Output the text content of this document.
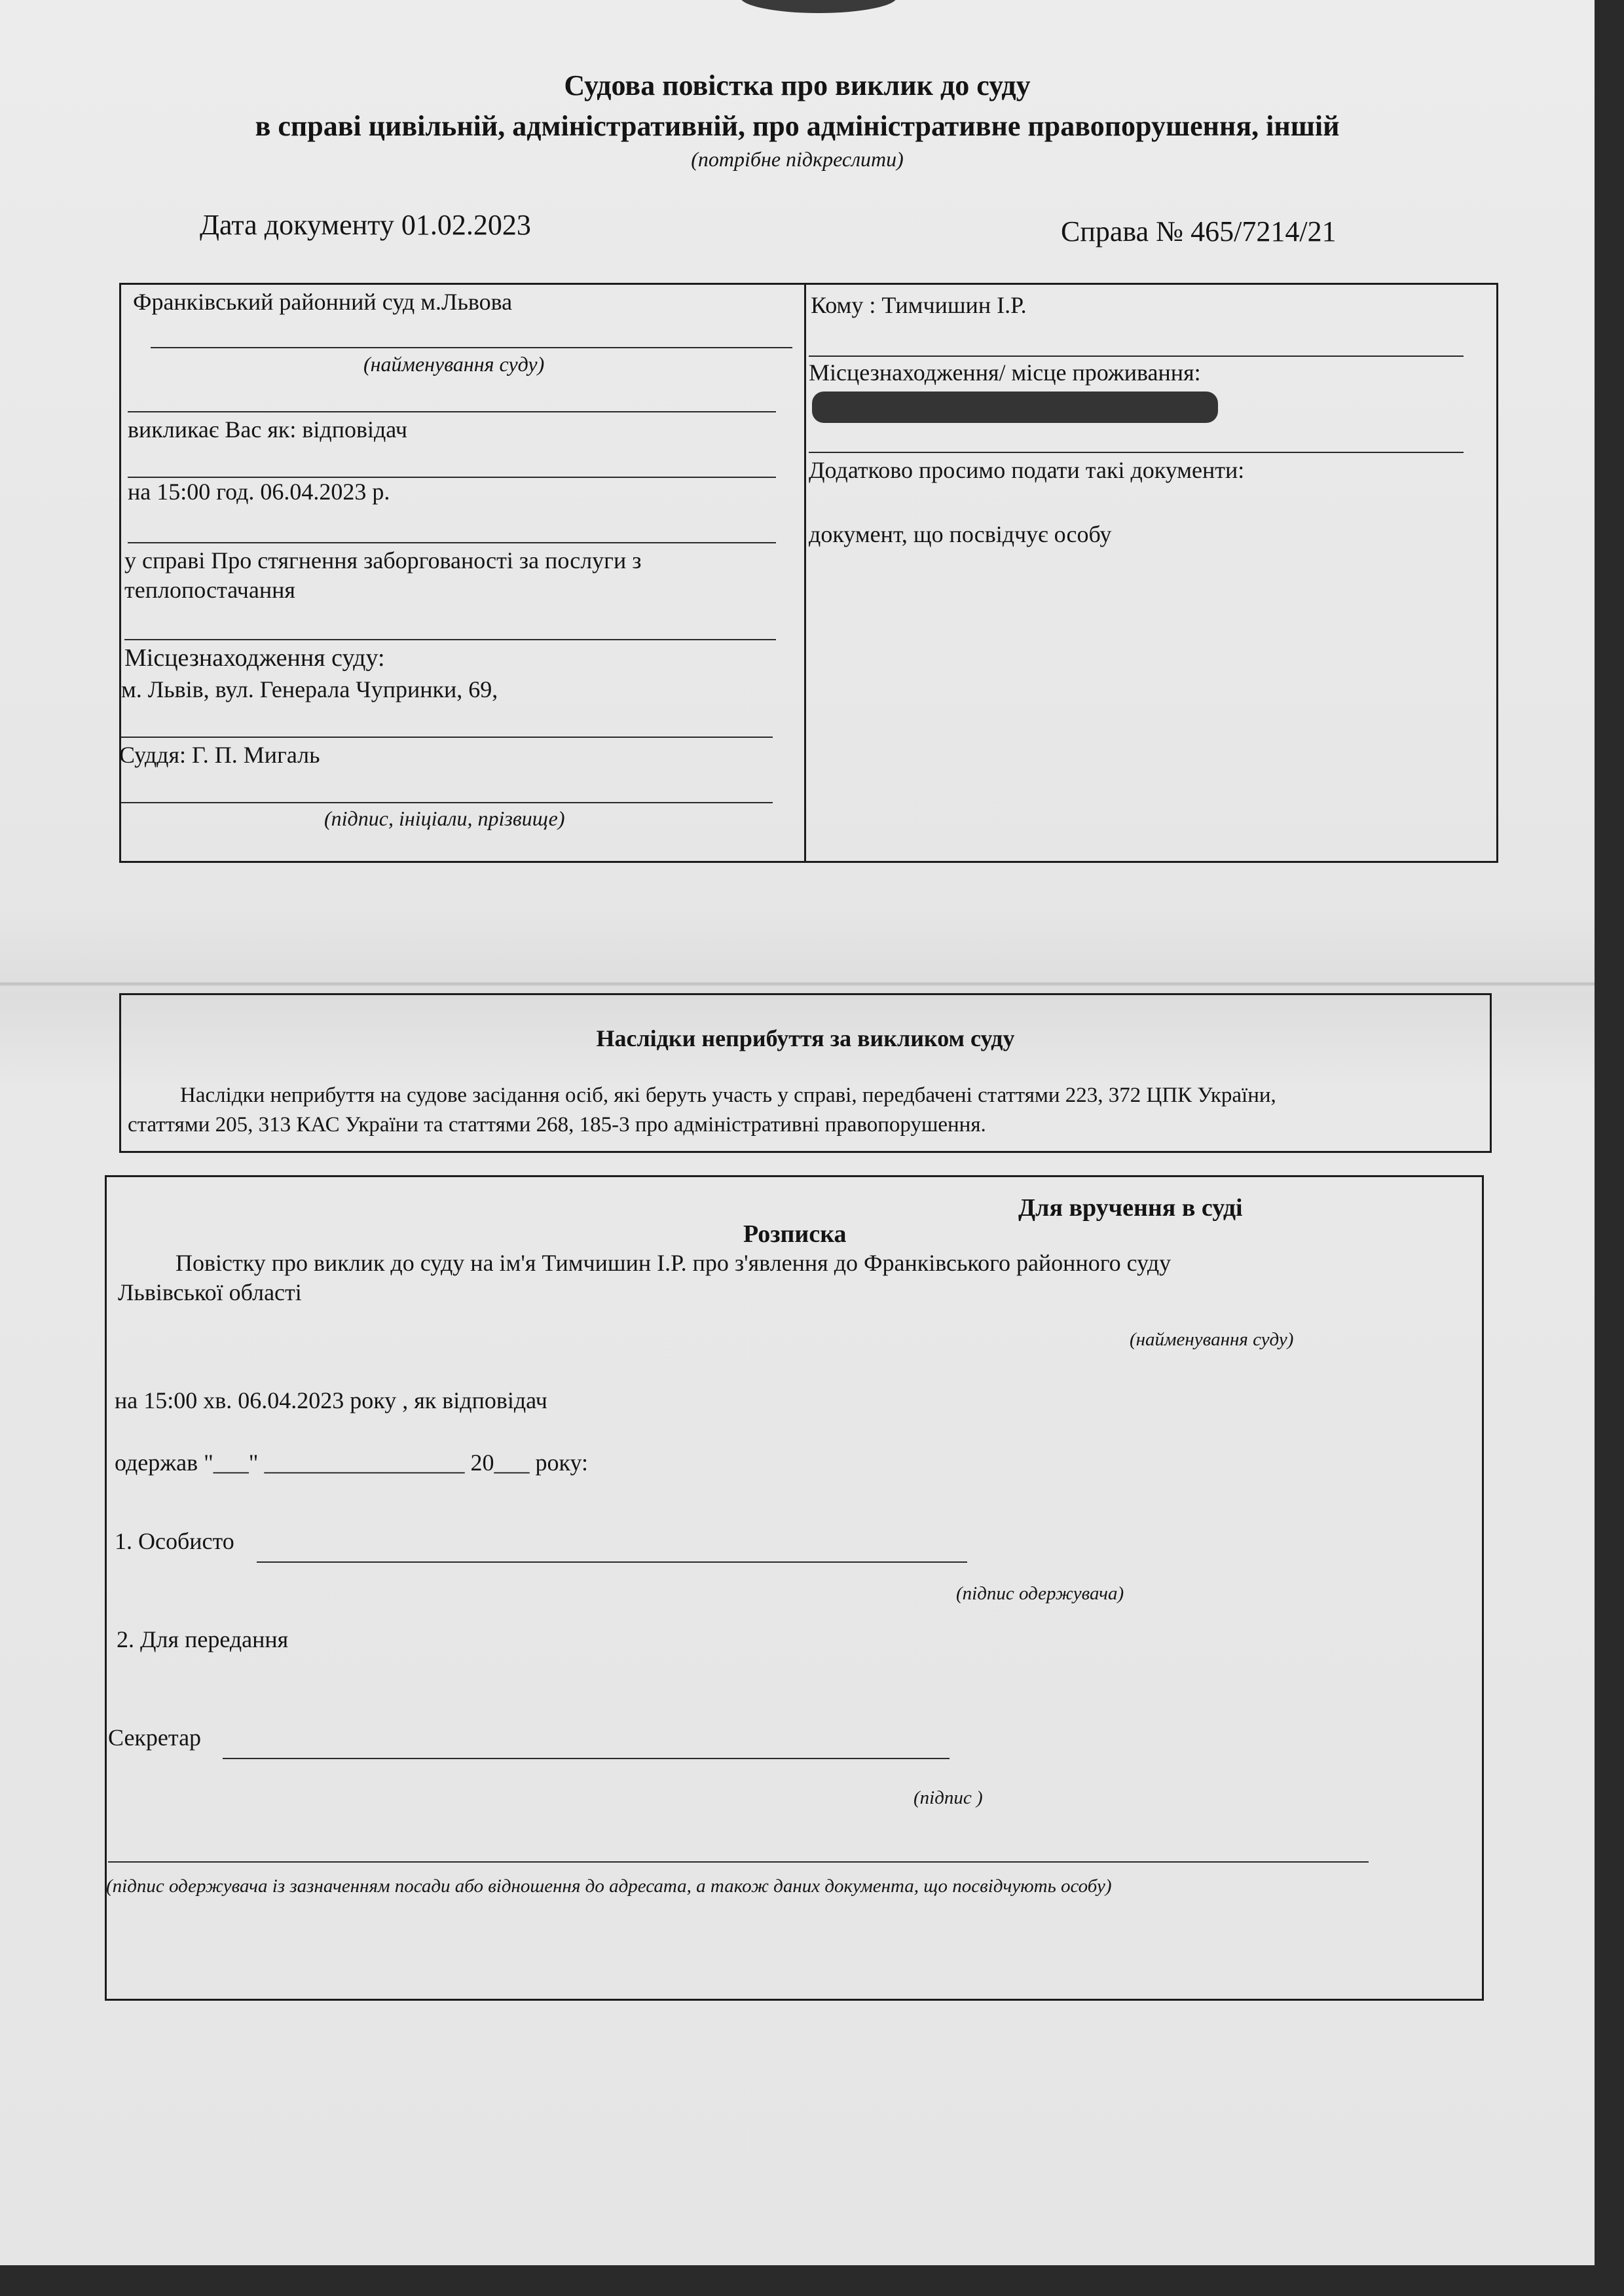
Судова повістка про виклик до суду
в справі цивільній, адміністративній, про адміністративне правопорушення, іншій
(потрібне підкреслити)
Дата документу 01.02.2023	Справа № 465/7214/21
Франківський районний суд м.Львова
(найменування суду)
викликає Вас як: відповідач
на 15:00 год. 06.04.2023 р.
у справі Про стягнення заборгованості за послуги з
теплопостачання
Місцезнаходження суду:
м. Львів, вул. Генерала Чупринки, 69,
Суддя: Г. П. Мигаль
(підпис, ініціали, прізвище)
Кому : Тимчишин І.Р.
Місцезнаходження/ місце проживання:
Додатково просимо подати такі документи:
документ, що посвідчує особу
Наслідки неприбуття за викликом суду
Наслідки неприбуття на судове засідання осіб, які беруть участь у справі, передбачені статтями 223, 372 ЦПК України,
статтями 205, 313 КАС України та статтями 268, 185-3 про адміністративні правопорушення.
Для вручення в суді
Розписка
Повістку про виклик до суду на ім'я Тимчишин І.Р. про з'явлення до Франківського районного суду
Львівської області
(найменування суду)
на 15:00 хв. 06.04.2023 року , як відповідач
одержав "___" _________________ 20___ року:
1. Особисто
(підпис одержувача)
2. Для передання
Секретар
(підпис )
(підпис одержувача із зазначенням посади або відношення до адресата, а також даних документа, що посвідчують особу)
